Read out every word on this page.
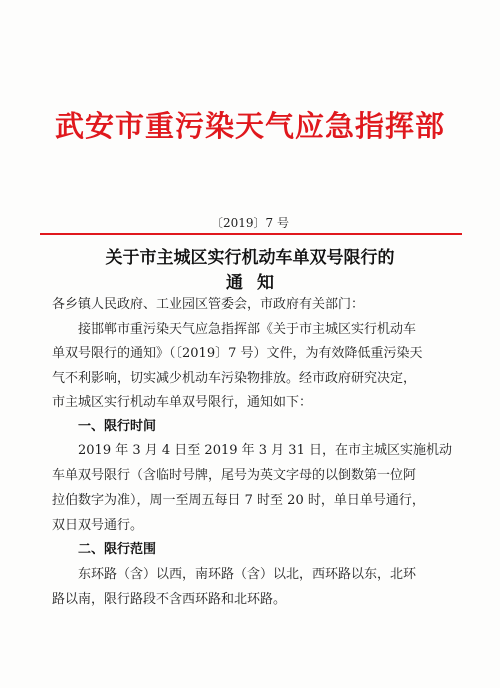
武安市重污染天气应急指挥部
〔2019〕7 号
关于市主城区实行机动车单双号限行的
通知
各乡镇人民政府、工业园区管委会，市政府有关部门：
接邯郸市重污染天气应急指挥部《关于市主城区实行机动车
单双号限行的通知》（〔2019〕7 号）文件，为有效降低重污染天
气不利影响，切实减少机动车污染物排放。经市政府研究决定，
市主城区实行机动车单双号限行，通知如下：
一、限行时间
2019 年 3 月 4 日至 2019 年 3 月 31 日，在市主城区实施机动
车单双号限行（含临时号牌，尾号为英文字母的以倒数第一位阿
拉伯数字为准），周一至周五每日 7 时至 20 时，单日单号通行，
双日双号通行。
二、限行范围
东环路（含）以西，南环路（含）以北，西环路以东，北环
路以南，限行路段不含西环路和北环路。
